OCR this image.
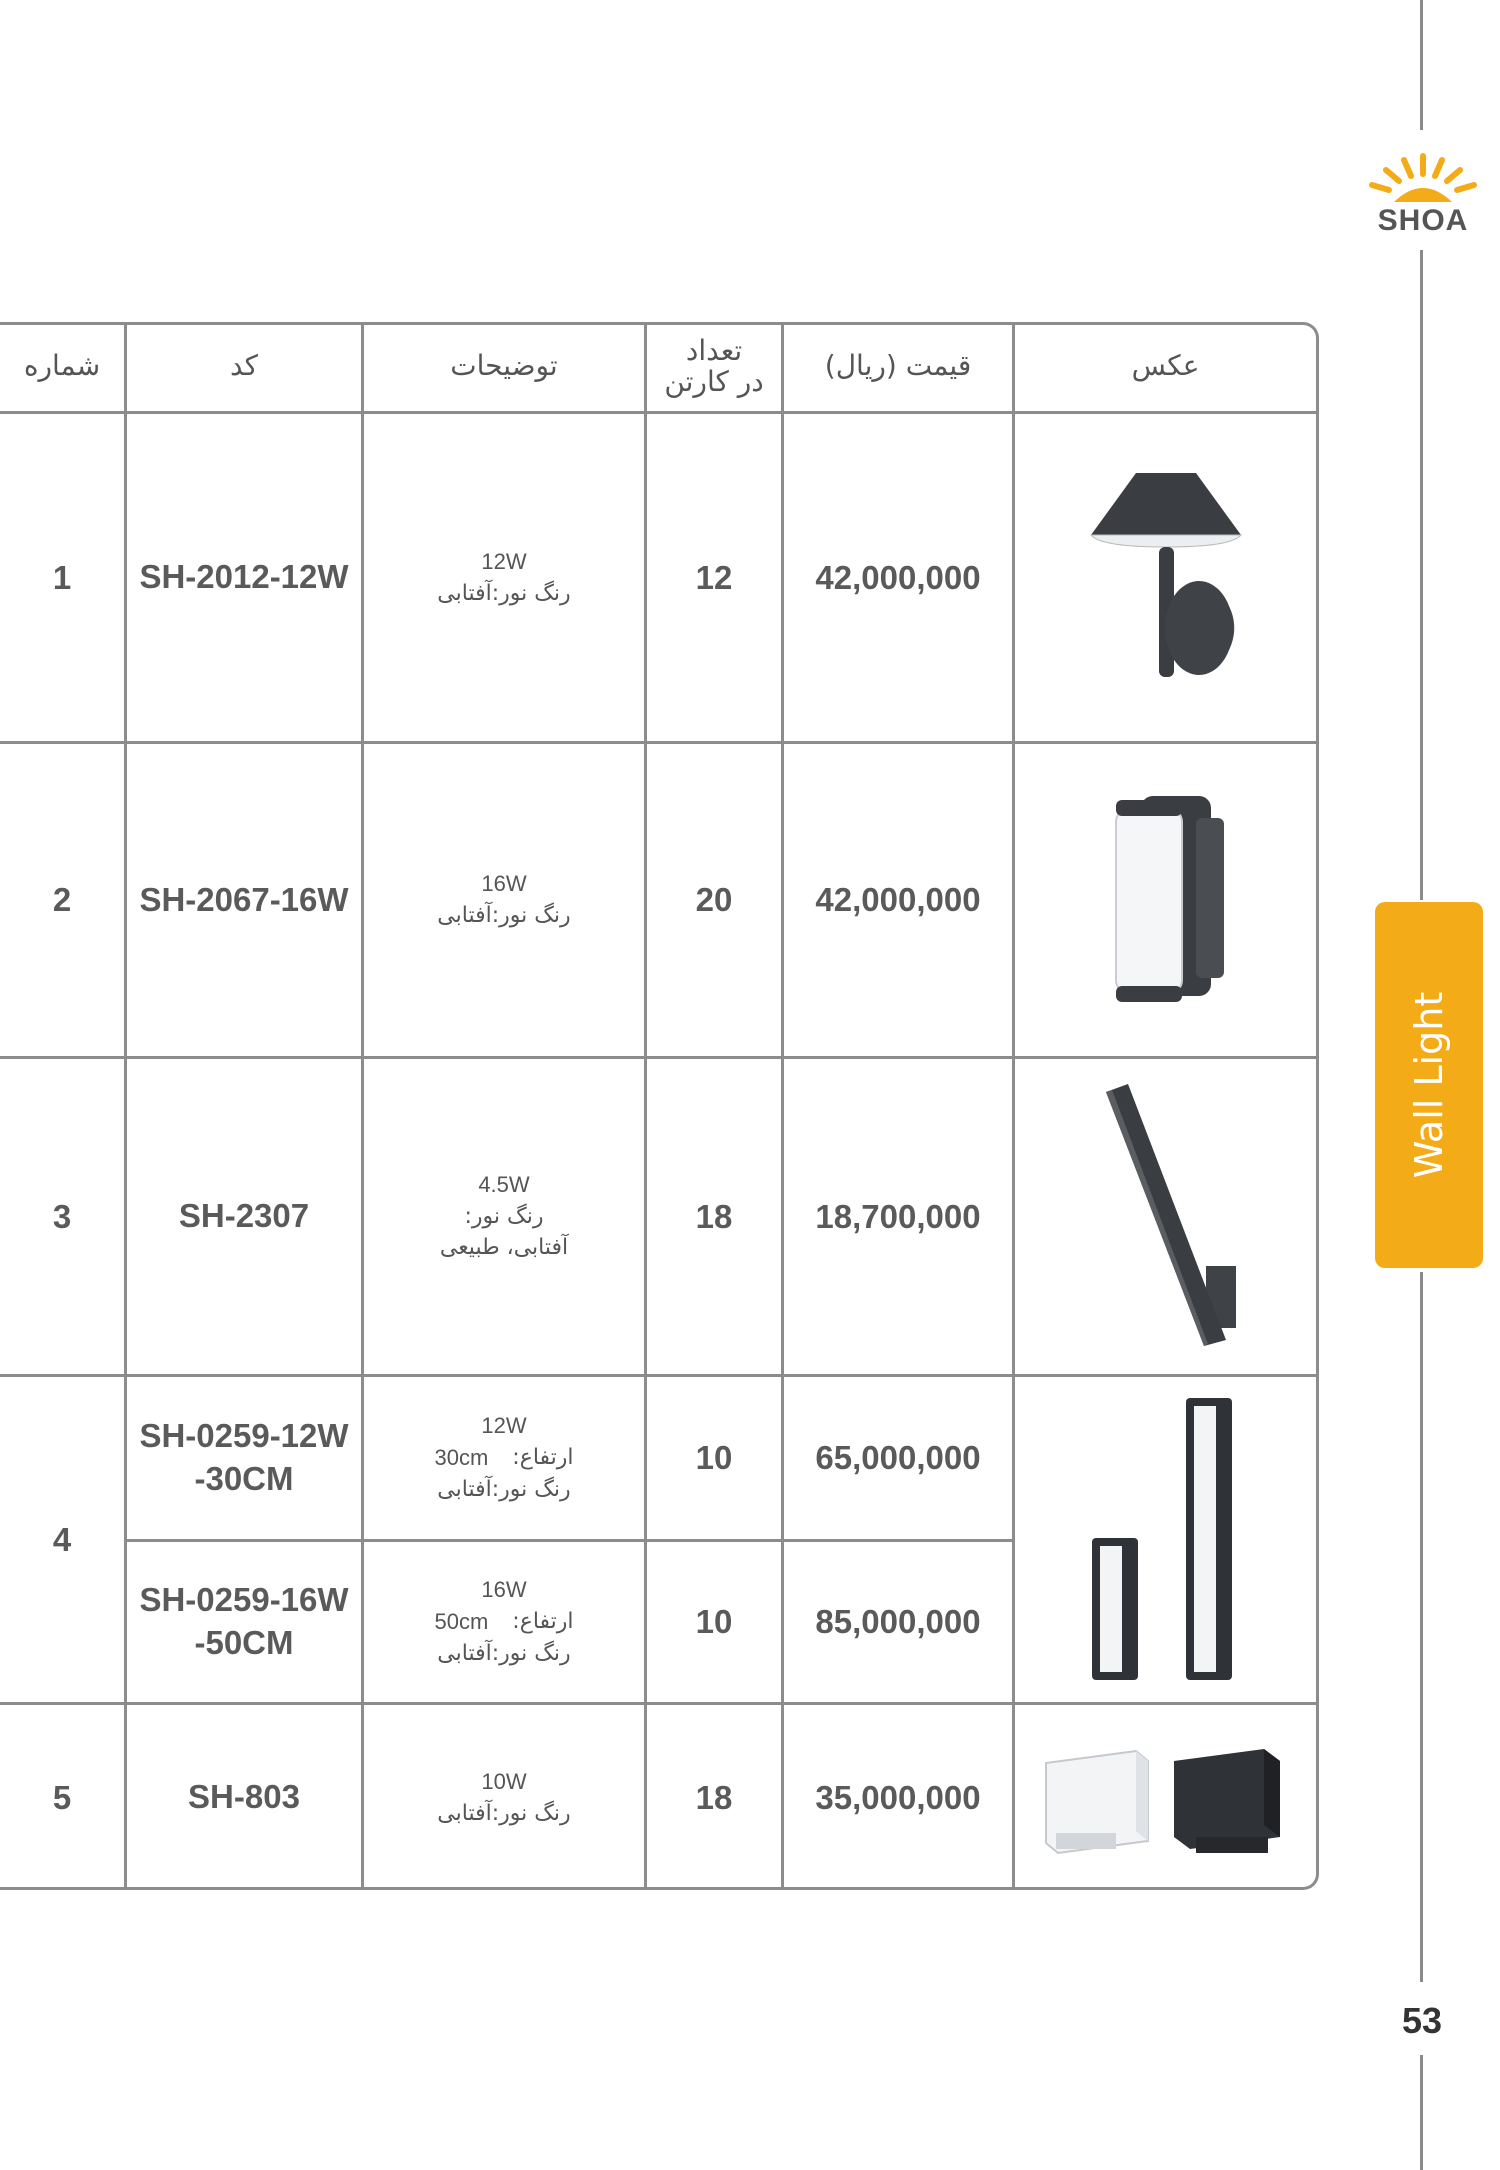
SHOA
Wall Light
53
عکس
قیمت (ریال)
تعداد
در کارتن
توضیحات
کد
شماره
42,000,000
12
12W
رنگ نور:آفتابی
SH-2012-12W
1
42,000,000
20
16W
رنگ نور:آفتابی
SH-2067-16W
2
18,700,000
18
4.5W
رنگ نور:
آفتابی، طبیعی
SH-2307
3
65,000,000
10
12W
30cm ارتفاع:
رنگ نور:آفتابی
SH-0259-12W
-30CM
85,000,000
10
16W
50cm ارتفاع:
رنگ نور:آفتابی
SH-0259-16W
-50CM
4
35,000,000
18
10W
رنگ نور:آفتابی
SH-803
5
